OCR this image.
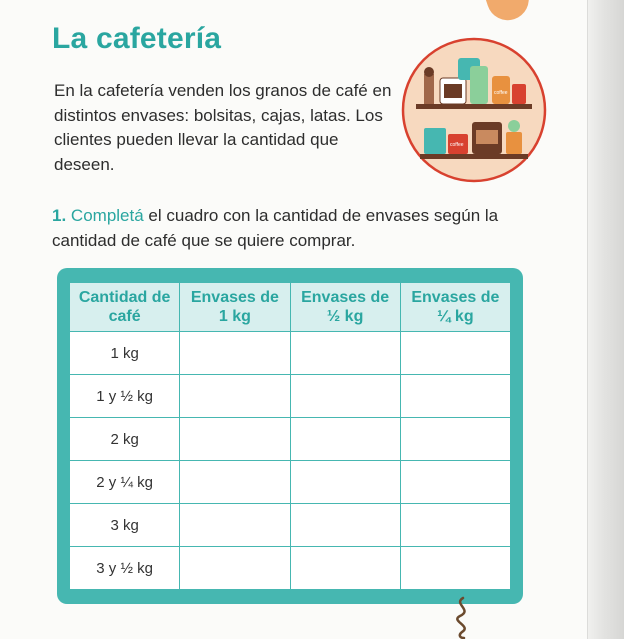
La cafetería

En la cafetería venden los granos de café en distintos envases: bolsitas, cajas, latas. Los clientes pueden llevar la cantidad que deseen.

coffee
coffee

1. Completá el cuadro con la cantidad de envases según la cantidad de café que se quiere comprar.

Cantidad de café	Envases de 1 kg	Envases de ½ kg	Envases de ¼ kg
1 kg			
1 y ½ kg			
2 kg			
2 y ¼ kg			
3 kg			
3 y ½ kg			
